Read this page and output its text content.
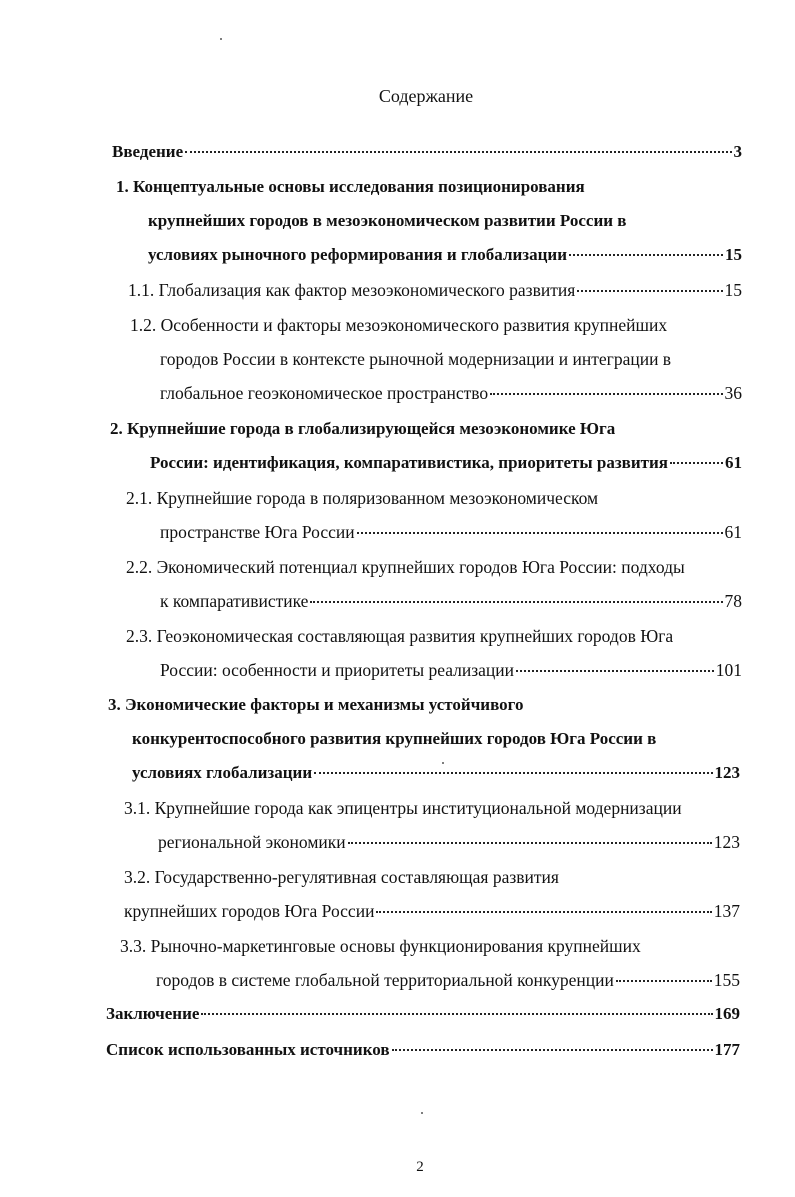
Содержание
Введение	3
1. Концептуальные основы исследования позиционирования
крупнейших городов в мезоэкономическом развитии России в
условиях рыночного реформирования и глобализации	15
1.1. Глобализация как фактор мезоэкономического развития	15
1.2. Особенности и факторы мезоэкономического развития крупнейших
городов России в контексте рыночной модернизации и интеграции в
глобальное геоэкономическое пространство	36
2. Крупнейшие города в глобализирующейся мезоэкономике Юга
России: идентификация, компаративистика, приоритеты развития	61
2.1. Крупнейшие города в поляризованном мезоэкономическом
пространстве Юга России	61
2.2. Экономический потенциал крупнейших городов Юга России: подходы
к компаративистике	78
2.3. Геоэкономическая составляющая развития крупнейших городов Юга
России: особенности и приоритеты реализации	101
3. Экономические факторы и механизмы устойчивого
конкурентоспособного развития крупнейших городов Юга России в
условиях глобализации	123
3.1. Крупнейшие города как эпицентры институциональной модернизации
региональной экономики	123
3.2. Государственно-регулятивная составляющая развития
крупнейших городов Юга России	137
3.3. Рыночно-маркетинговые основы функционирования крупнейших
городов в системе глобальной территориальной конкуренции	155
Заключение	169
Список использованных источников	177
2
